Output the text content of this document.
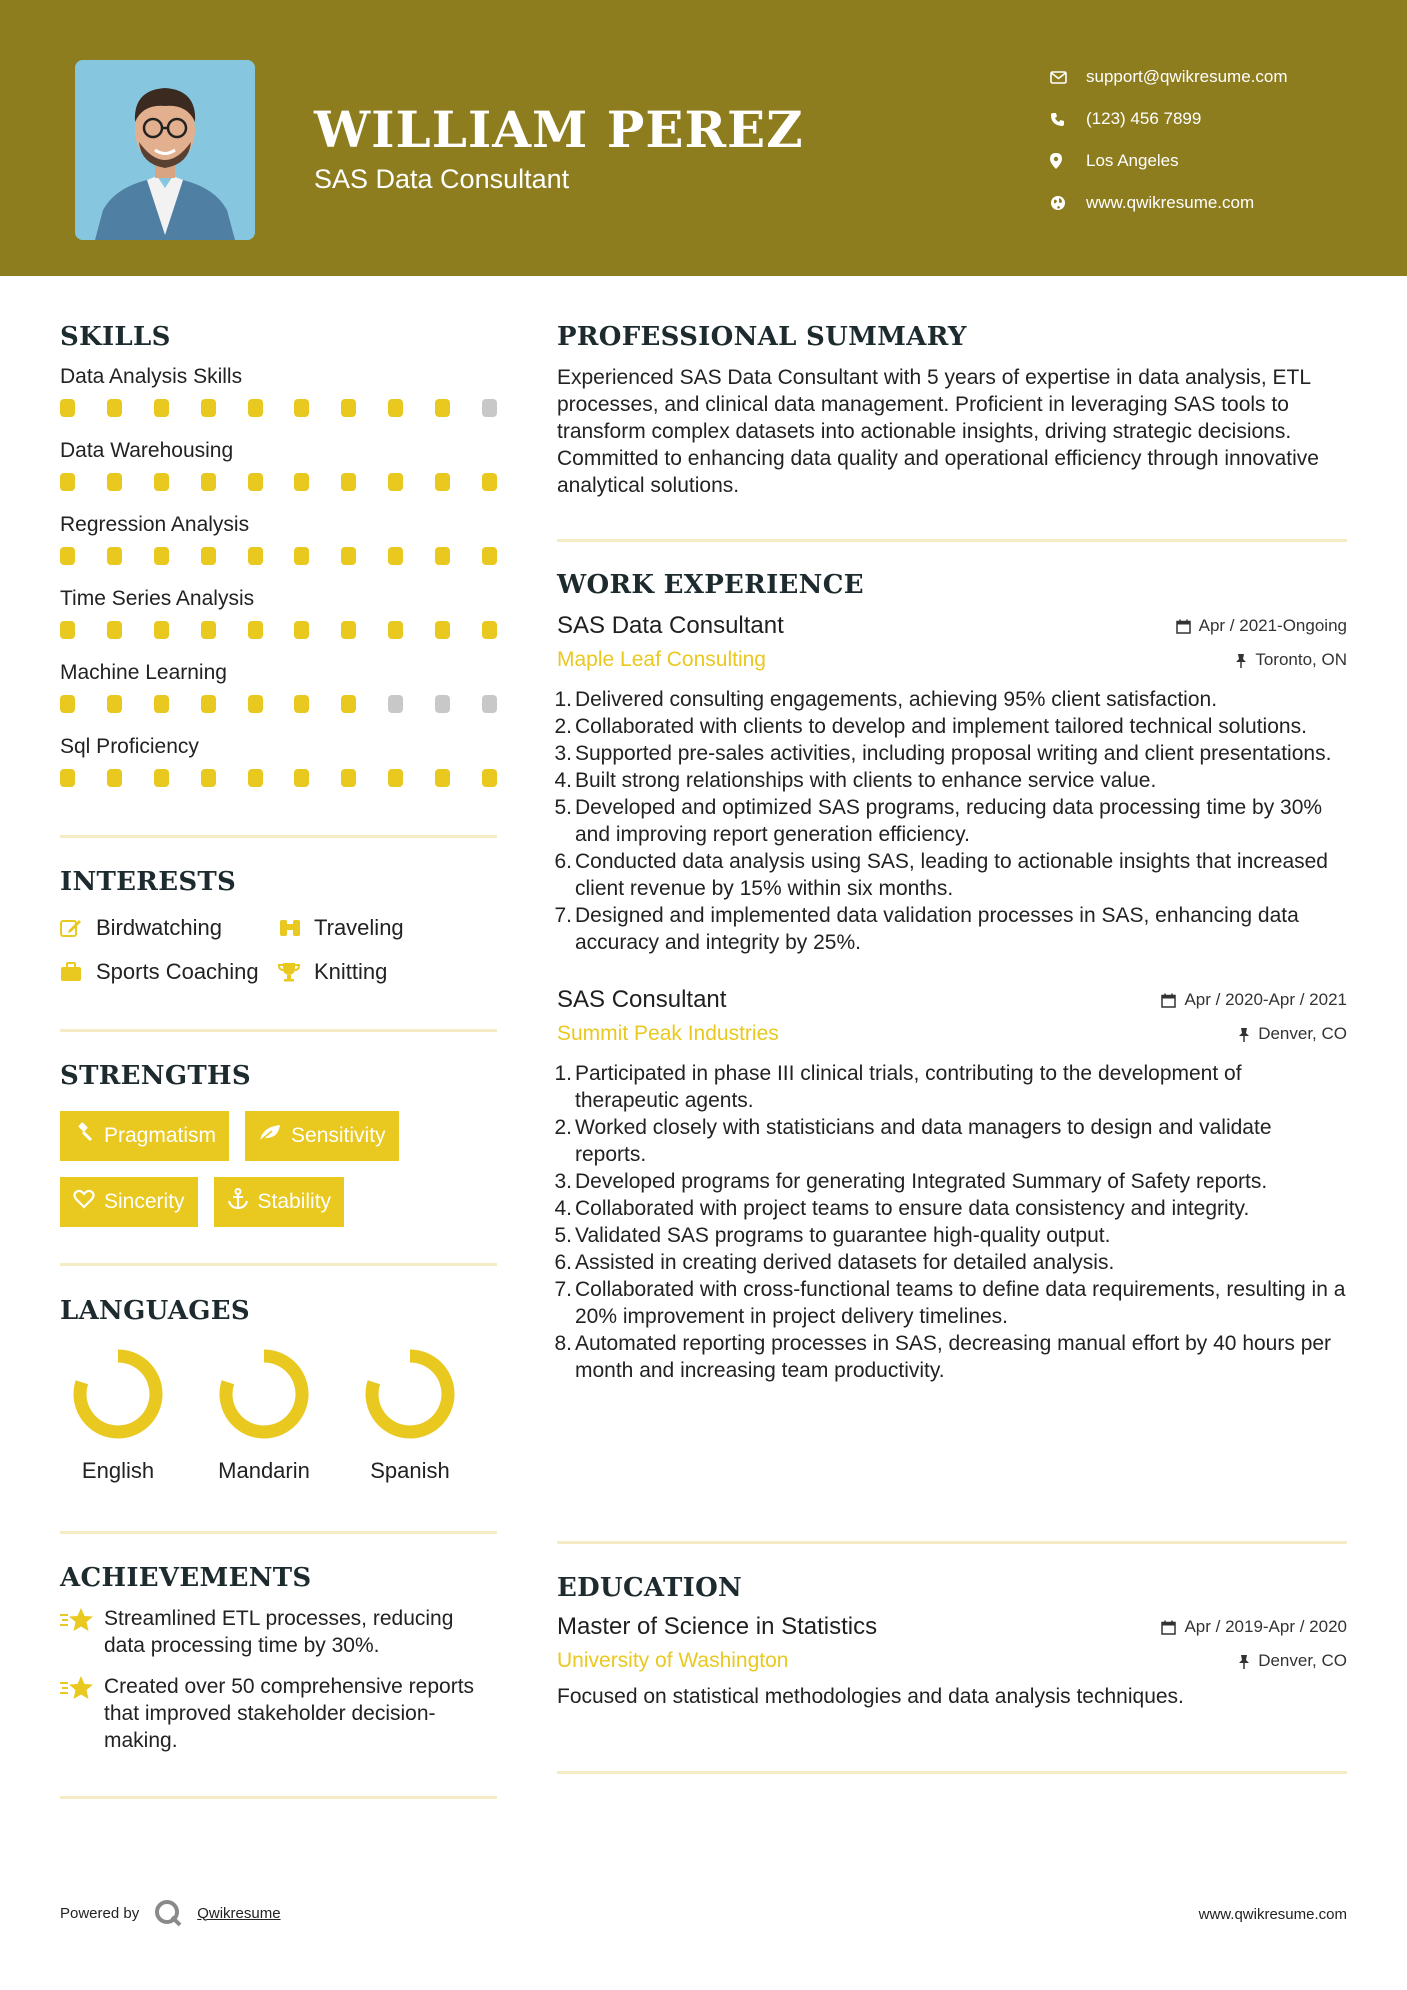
WILLIAM PEREZ
SAS Data Consultant
support@qwikresume.com
(123) 456 7899
Los Angeles
www.qwikresume.com
SKILLS
Data Analysis Skills
Data Warehousing
Regression Analysis
Time Series Analysis
Machine Learning
Sql Proficiency
INTERESTS
Birdwatching	Traveling
Sports Coaching	Knitting
STRENGTHS
Pragmatism	Sensitivity
Sincerity	Stability
LANGUAGES
English	Mandarin	Spanish
ACHIEVEMENTS
Streamlined ETL processes, reducing data processing time by 30%.
Created over 50 comprehensive reports that improved stakeholder decision-making.
PROFESSIONAL SUMMARY
Experienced SAS Data Consultant with 5 years of expertise in data analysis, ETL processes, and clinical data management. Proficient in leveraging SAS tools to transform complex datasets into actionable insights, driving strategic decisions. Committed to enhancing data quality and operational efficiency through innovative analytical solutions.
WORK EXPERIENCE
SAS Data Consultant	Apr / 2021-Ongoing
Maple Leaf Consulting	Toronto, ON
1. Delivered consulting engagements, achieving 95% client satisfaction.
2. Collaborated with clients to develop and implement tailored technical solutions.
3. Supported pre-sales activities, including proposal writing and client presentations.
4. Built strong relationships with clients to enhance service value.
5. Developed and optimized SAS programs, reducing data processing time by 30% and improving report generation efficiency.
6. Conducted data analysis using SAS, leading to actionable insights that increased client revenue by 15% within six months.
7. Designed and implemented data validation processes in SAS, enhancing data accuracy and integrity by 25%.
SAS Consultant	Apr / 2020-Apr / 2021
Summit Peak Industries	Denver, CO
1. Participated in phase III clinical trials, contributing to the development of therapeutic agents.
2. Worked closely with statisticians and data managers to design and validate reports.
3. Developed programs for generating Integrated Summary of Safety reports.
4. Collaborated with project teams to ensure data consistency and integrity.
5. Validated SAS programs to guarantee high-quality output.
6. Assisted in creating derived datasets for detailed analysis.
7. Collaborated with cross-functional teams to define data requirements, resulting in a 20% improvement in project delivery timelines.
8. Automated reporting processes in SAS, decreasing manual effort by 40 hours per month and increasing team productivity.
EDUCATION
Master of Science in Statistics	Apr / 2019-Apr / 2020
University of Washington	Denver, CO
Focused on statistical methodologies and data analysis techniques.
Powered by	Qwikresume	www.qwikresume.com
